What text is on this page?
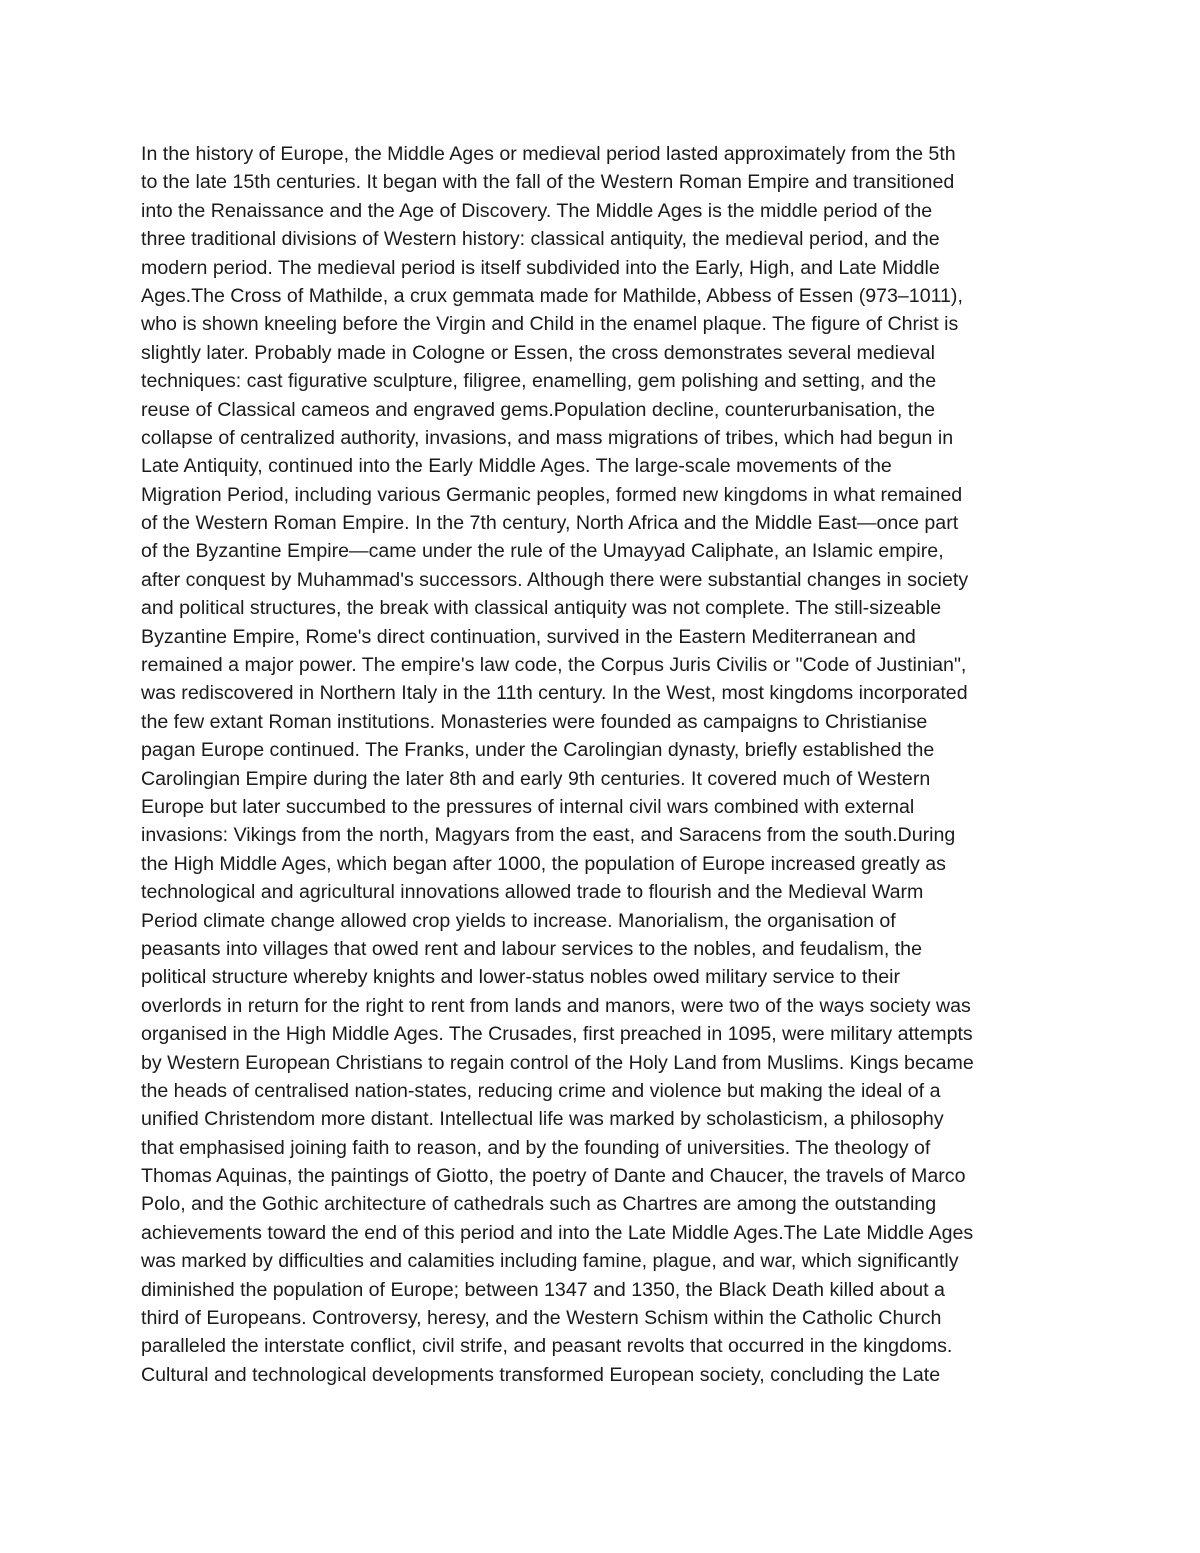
In the history of Europe, the Middle Ages or medieval period lasted approximately from the 5th
to the late 15th centuries. It began with the fall of the Western Roman Empire and transitioned
into the Renaissance and the Age of Discovery. The Middle Ages is the middle period of the
three traditional divisions of Western history: classical antiquity, the medieval period, and the
modern period. The medieval period is itself subdivided into the Early, High, and Late Middle
Ages.The Cross of Mathilde, a crux gemmata made for Mathilde, Abbess of Essen (973–1011),
who is shown kneeling before the Virgin and Child in the enamel plaque. The figure of Christ is
slightly later. Probably made in Cologne or Essen, the cross demonstrates several medieval
techniques: cast figurative sculpture, filigree, enamelling, gem polishing and setting, and the
reuse of Classical cameos and engraved gems.Population decline, counterurbanisation, the
collapse of centralized authority, invasions, and mass migrations of tribes, which had begun in
Late Antiquity, continued into the Early Middle Ages. The large-scale movements of the
Migration Period, including various Germanic peoples, formed new kingdoms in what remained
of the Western Roman Empire. In the 7th century, North Africa and the Middle East—once part
of the Byzantine Empire—came under the rule of the Umayyad Caliphate, an Islamic empire,
after conquest by Muhammad's successors. Although there were substantial changes in society
and political structures, the break with classical antiquity was not complete. The still-sizeable
Byzantine Empire, Rome's direct continuation, survived in the Eastern Mediterranean and
remained a major power. The empire's law code, the Corpus Juris Civilis or "Code of Justinian",
was rediscovered in Northern Italy in the 11th century. In the West, most kingdoms incorporated
the few extant Roman institutions. Monasteries were founded as campaigns to Christianise
pagan Europe continued. The Franks, under the Carolingian dynasty, briefly established the
Carolingian Empire during the later 8th and early 9th centuries. It covered much of Western
Europe but later succumbed to the pressures of internal civil wars combined with external
invasions: Vikings from the north, Magyars from the east, and Saracens from the south.During
the High Middle Ages, which began after 1000, the population of Europe increased greatly as
technological and agricultural innovations allowed trade to flourish and the Medieval Warm
Period climate change allowed crop yields to increase. Manorialism, the organisation of
peasants into villages that owed rent and labour services to the nobles, and feudalism, the
political structure whereby knights and lower-status nobles owed military service to their
overlords in return for the right to rent from lands and manors, were two of the ways society was
organised in the High Middle Ages. The Crusades, first preached in 1095, were military attempts
by Western European Christians to regain control of the Holy Land from Muslims. Kings became
the heads of centralised nation-states, reducing crime and violence but making the ideal of a
unified Christendom more distant. Intellectual life was marked by scholasticism, a philosophy
that emphasised joining faith to reason, and by the founding of universities. The theology of
Thomas Aquinas, the paintings of Giotto, the poetry of Dante and Chaucer, the travels of Marco
Polo, and the Gothic architecture of cathedrals such as Chartres are among the outstanding
achievements toward the end of this period and into the Late Middle Ages.The Late Middle Ages
was marked by difficulties and calamities including famine, plague, and war, which significantly
diminished the population of Europe; between 1347 and 1350, the Black Death killed about a
third of Europeans. Controversy, heresy, and the Western Schism within the Catholic Church
paralleled the interstate conflict, civil strife, and peasant revolts that occurred in the kingdoms.
Cultural and technological developments transformed European society, concluding the Late
